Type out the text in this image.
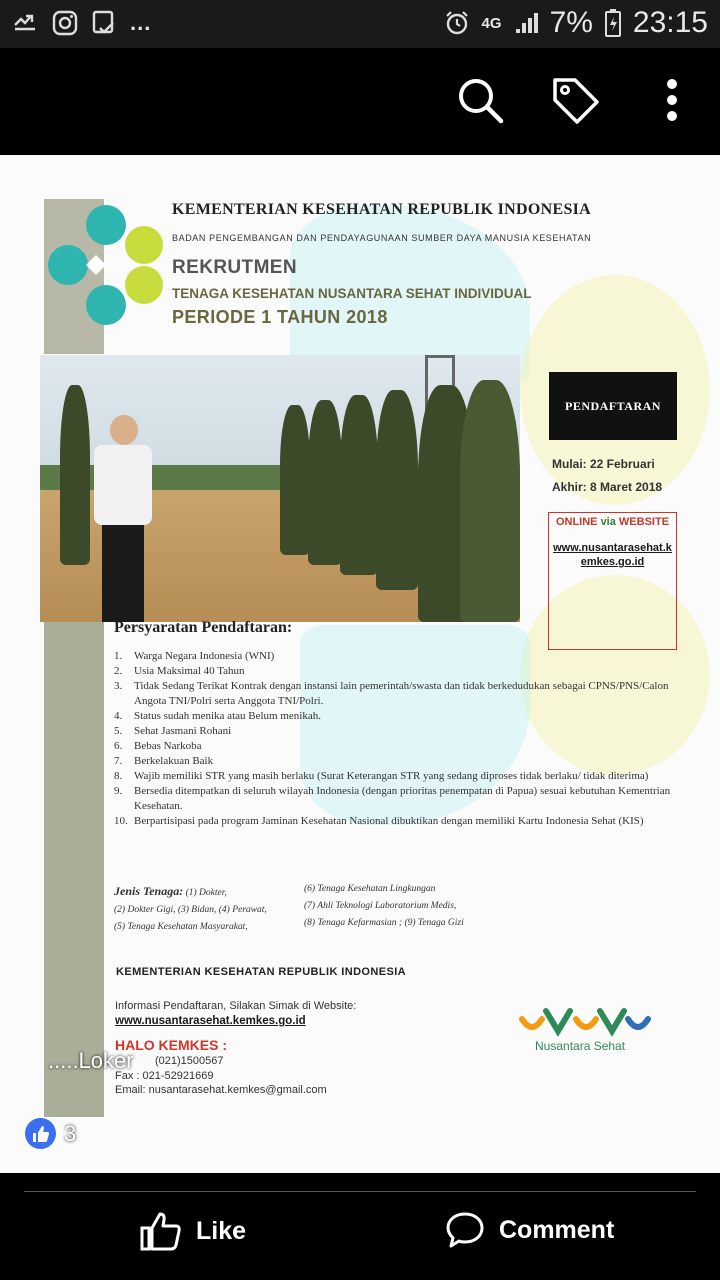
...	4G 7% 23:15
KEMENTERIAN KESEHATAN REPUBLIK INDONESIA
BADAN PENGEMBANGAN DAN PENDAYAGUNAAN SUMBER DAYA MANUSIA KESEHATAN
REKRUTMEN
TENAGA KESEHATAN NUSANTARA SEHAT INDIVIDUAL
PERIODE 1 TAHUN 2018
PENDAFTARAN
Mulai: 22 Februari
Akhir: 8 Maret 2018
ONLINE via WEBSITE
www.nusantarasehat.kemkes.go.id
Persyaratan Pendaftaran:
1.	Warga Negara Indonesia (WNI)
2.	Usia Maksimal 40 Tahun
3.	Tidak Sedang Terikat Kontrak dengan instansi lain pemerintah/swasta dan tidak berkedudukan sebagai CPNS/PNS/Calon Angota TNI/Polri serta Anggota TNI/Polri.
4.	Status sudah menika atau Belum menikah.
5.	Sehat Jasmani Rohani
6.	Bebas Narkoba
7.	Berkelakuan Baik
8.	Wajib memiliki STR yang masih berlaku (Surat Keterangan STR yang sedang diproses tidak berlaku/ tidak diterima)
9.	Bersedia ditempatkan di seluruh wilayah Indonesia (dengan prioritas penempatan di Papua) sesuai kebutuhan Kementrian Kesehatan.
10. Berpartisipasi pada program Jaminan Kesehatan Nasional dibuktikan dengan memiliki Kartu Indonesia Sehat (KIS)
Jenis Tenaga: (1) Dokter,
(2) Dokter Gigi, (3) Bidan, (4) Perawat,
(5) Tenaga Kesehatan Masyarakat,
(6) Tenaga Kesehatan Lingkungan
(7) Ahli Teknologi Laboratorium Medis,
(8) Tenaga Kefarmasian ; (9) Tenaga Gizi
KEMENTERIAN KESEHATAN REPUBLIK INDONESIA
Informasi Pendaftaran, Silakan Simak di Website:
www.nusantarasehat.kemkes.go.id
HALO KEMKES :
(021)1500567
Fax : 021-52921669
Email: nusantarasehat.kemkes@gmail.com
Nusantara Sehat
.....Loker
3
Like	Comment
